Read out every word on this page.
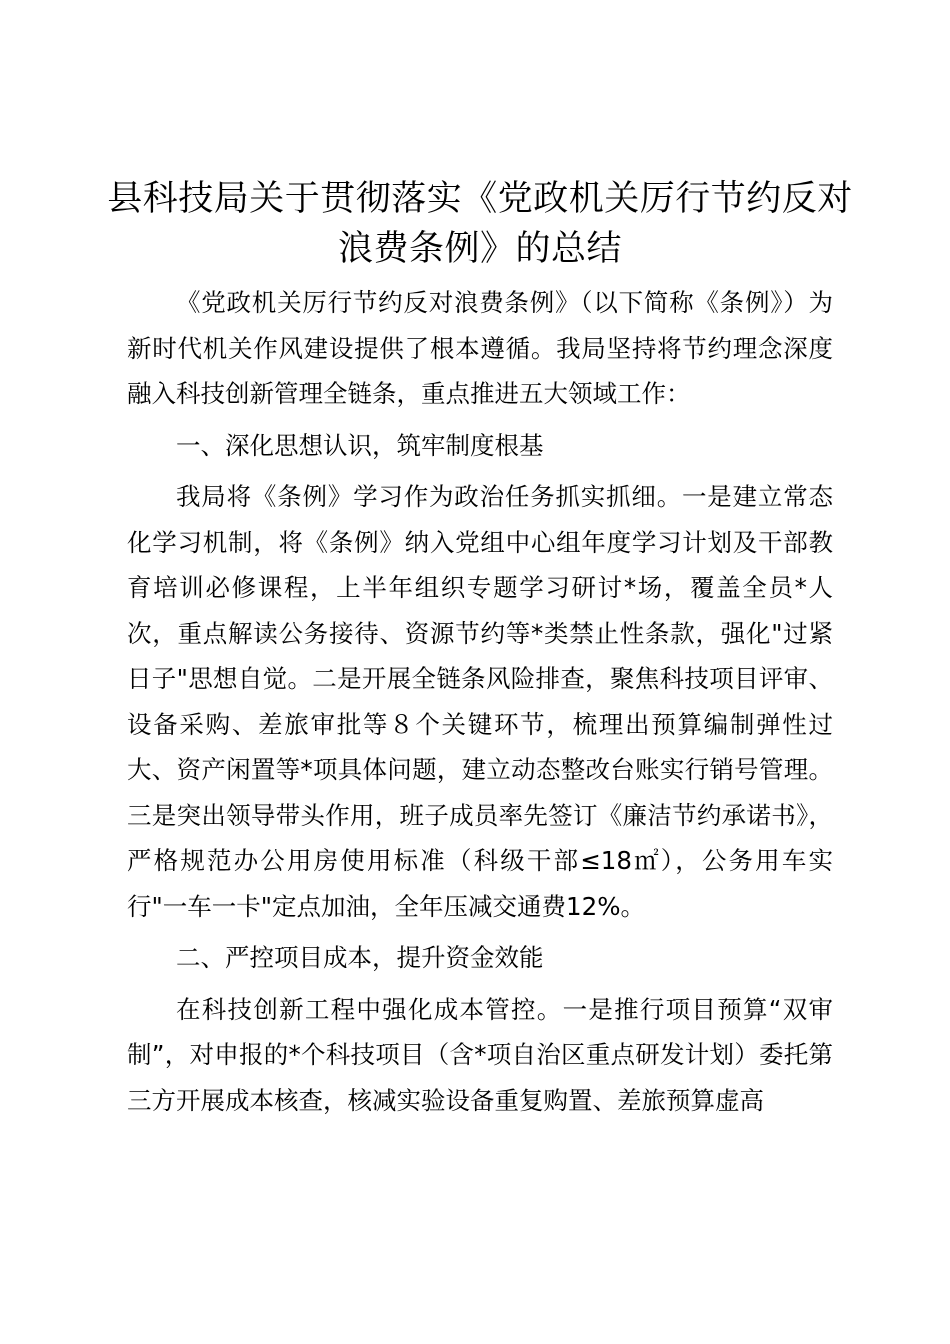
县科技局关于贯彻落实《党政机关厉行节约反对浪费条例》的总结

《党政机关厉行节约反对浪费条例》（以下简称《条例》）为新时代机关作风建设提供了根本遵循。我局坚持将节约理念深度融入科技创新管理全链条，重点推进五大领域工作：

一、深化思想认识，筑牢制度根基

我局将《条例》学习作为政治任务抓实抓细。一是建立常态化学习机制，将《条例》纳入党组中心组年度学习计划及干部教育培训必修课程，上半年组织专题学习研讨*场，覆盖全员*人次，重点解读公务接待、资源节约等*类禁止性条款，强化"过紧日子"思想自觉。二是开展全链条风险排查，聚焦科技项目评审、设备采购、差旅审批等８个关键环节，梳理出预算编制弹性过大、资产闲置等*项具体问题，建立动态整改台账实行销号管理。三是突出领导带头作用，班子成员率先签订《廉洁节约承诺书》，严格规范办公用房使用标准（科级干部≤18㎡），公务用车实行"一车一卡"定点加油，全年压减交通费12%。

二、严控项目成本，提升资金效能

在科技创新工程中强化成本管控。一是推行项目预算“双审制”，对申报的*个科技项目（含*项自治区重点研发计划）委托第三方开展成本核查，核减实验设备重复购置、差旅预算虚高
